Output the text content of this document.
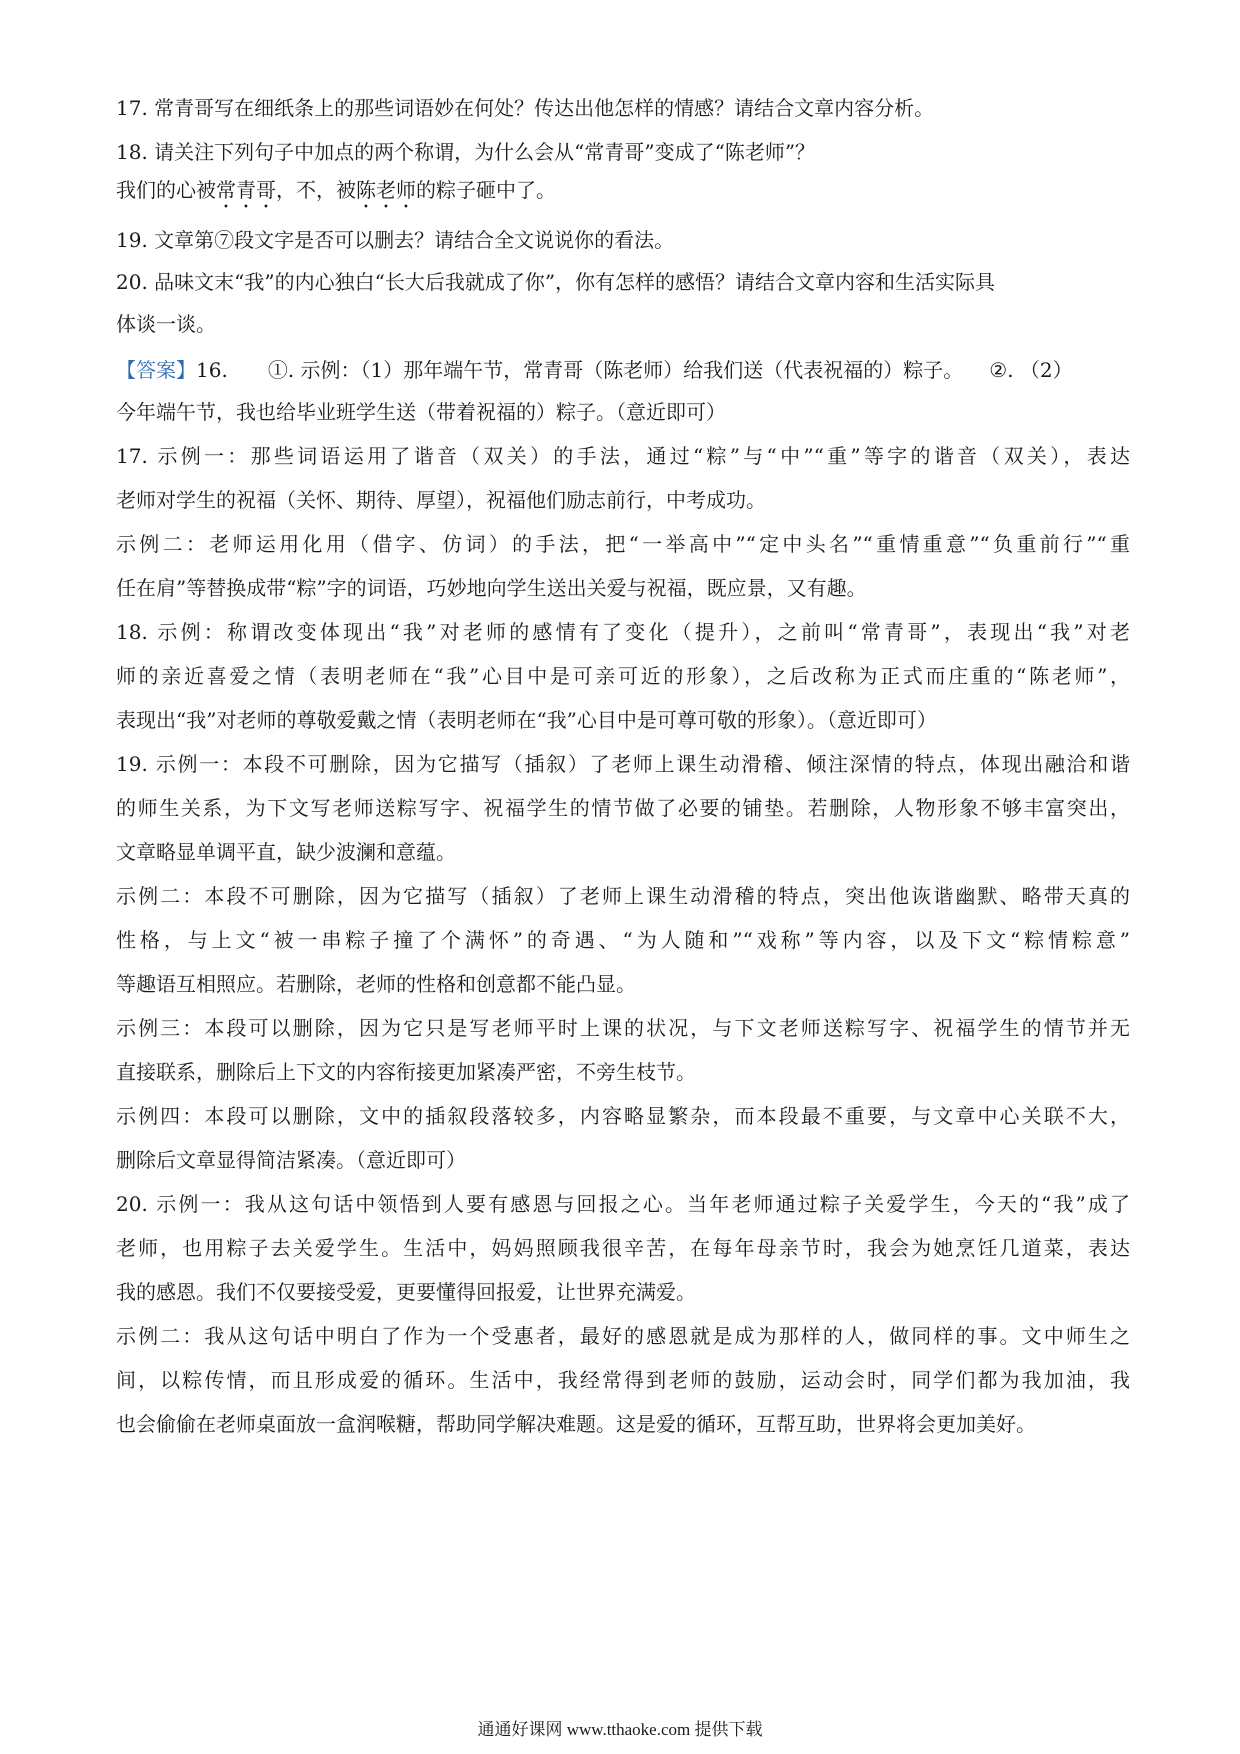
17. 常青哥写在细纸条上的那些词语妙在何处？传达出他怎样的情感？请结合文章内容分析。
18. 请关注下列句子中加点的两个称谓，为什么会从“常青哥”变成了“陈老师”？
我们的心被常青哥，不，被陈老师的粽子砸中了。
19. 文章第⑦段文字是否可以删去？请结合全文说说你的看法。
20. 品味文末“我”的内心独白“长大后我就成了你”，你有怎样的感悟？请结合文章内容和生活实际具
体谈一谈。
【答案】16. ①. 示例：（1）那年端午节，常青哥（陈老师）给我们送（代表祝福的）粽子。 ②. （2）
今年端午节，我也给毕业班学生送（带着祝福的）粽子。（意近即可）
17. 示例一：那些词语运用了谐音（双关）的手法，通过“粽”与“中”“重”等字的谐音（双关），表达
老师对学生的祝福（关怀、期待、厚望），祝福他们励志前行，中考成功。
示例二：老师运用化用（借字、仿词）的手法，把“一举高中”“定中头名”“重情重意”“负重前行”“重
任在肩”等替换成带“粽”字的词语，巧妙地向学生送出关爱与祝福，既应景，又有趣。
18. 示例：称谓改变体现出“我”对老师的感情有了变化（提升），之前叫“常青哥”，表现出“我”对老
师的亲近喜爱之情（表明老师在“我”心目中是可亲可近的形象），之后改称为正式而庄重的“陈老师”，
表现出“我”对老师的尊敬爱戴之情（表明老师在“我”心目中是可尊可敬的形象）。（意近即可）
19. 示例一：本段不可删除，因为它描写（插叙）了老师上课生动滑稽、倾注深情的特点，体现出融洽和谐
的师生关系，为下文写老师送粽写字、祝福学生的情节做了必要的铺垫。若删除，人物形象不够丰富突出，
文章略显单调平直，缺少波澜和意蕴。
示例二：本段不可删除，因为它描写（插叙）了老师上课生动滑稽的特点，突出他诙谐幽默、略带天真的
性格，与上文“被一串粽子撞了个满怀”的奇遇、“为人随和”“戏称”等内容，以及下文“粽情粽意”
等趣语互相照应。若删除，老师的性格和创意都不能凸显。
示例三：本段可以删除，因为它只是写老师平时上课的状况，与下文老师送粽写字、祝福学生的情节并无
直接联系，删除后上下文的内容衔接更加紧凑严密，不旁生枝节。
示例四：本段可以删除，文中的插叙段落较多，内容略显繁杂，而本段最不重要，与文章中心关联不大，
删除后文章显得简洁紧凑。（意近即可）
20. 示例一：我从这句话中领悟到人要有感恩与回报之心。当年老师通过粽子关爱学生，今天的“我”成了
老师，也用粽子去关爱学生。生活中，妈妈照顾我很辛苦，在每年母亲节时，我会为她烹饪几道菜，表达
我的感恩。我们不仅要接受爱，更要懂得回报爱，让世界充满爱。
示例二：我从这句话中明白了作为一个受惠者，最好的感恩就是成为那样的人，做同样的事。文中师生之
间，以粽传情，而且形成爱的循环。生活中，我经常得到老师的鼓励，运动会时，同学们都为我加油，我
也会偷偷在老师桌面放一盒润喉糖，帮助同学解决难题。这是爱的循环，互帮互助，世界将会更加美好。
通通好课网 www.tthaoke.com 提供下载
